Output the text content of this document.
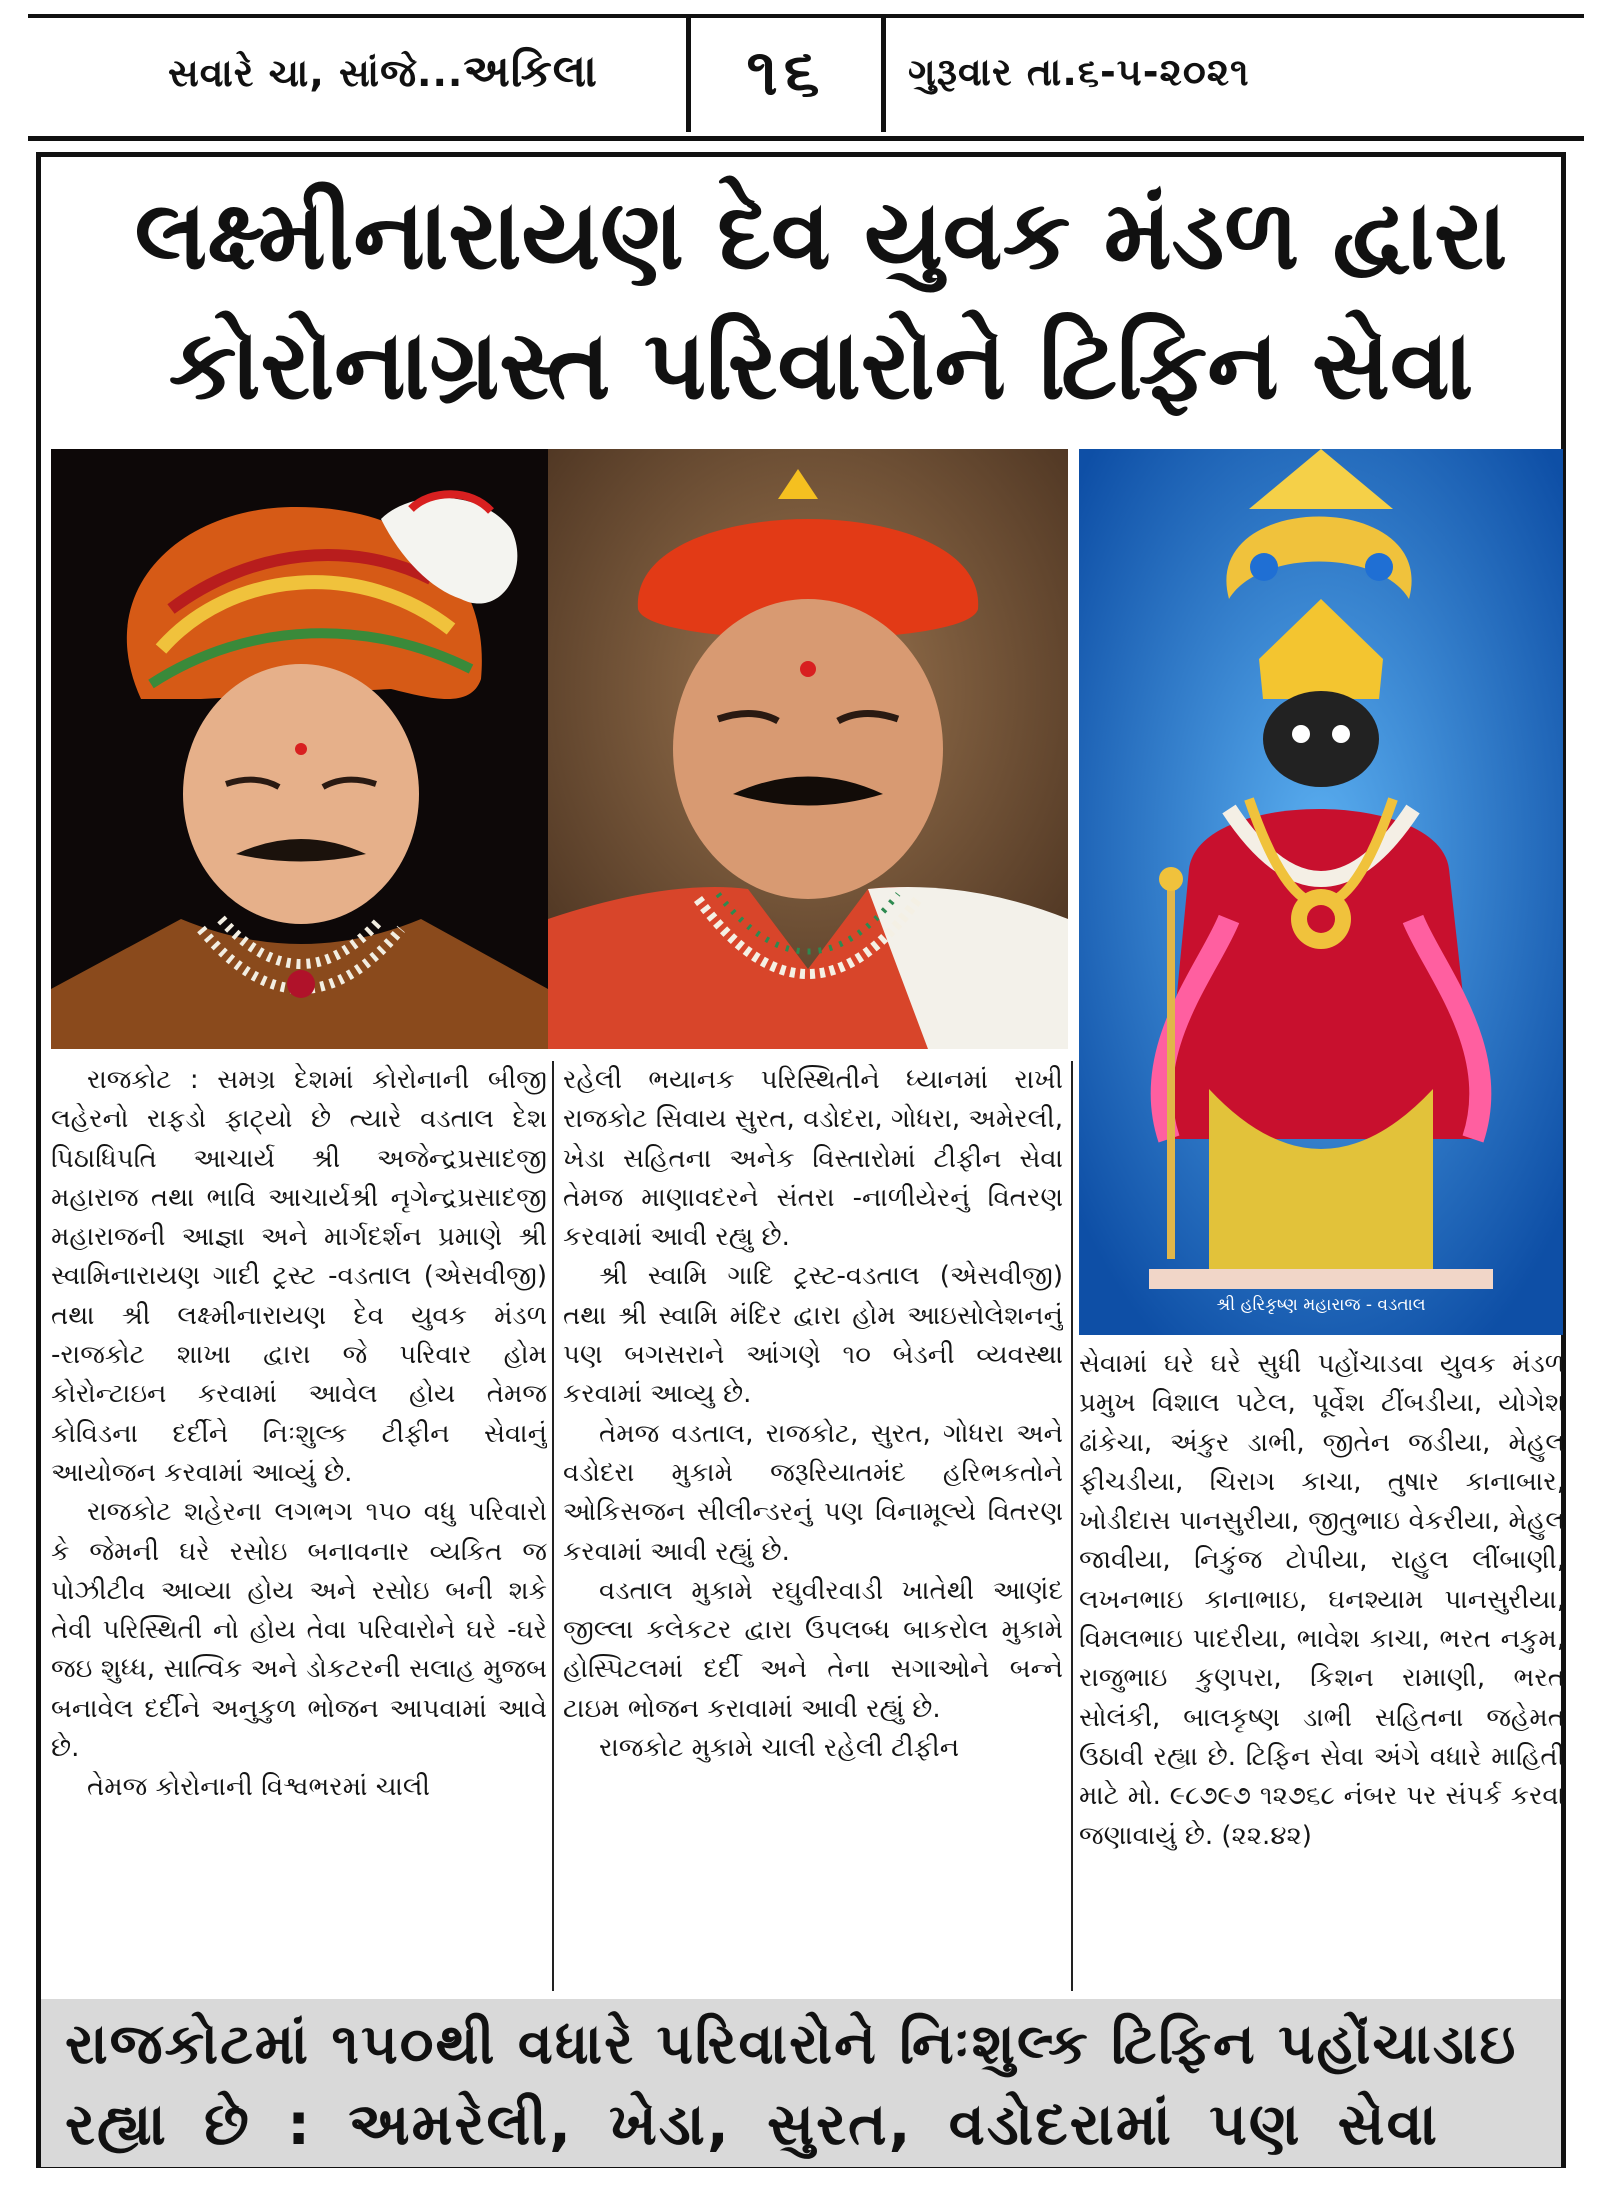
સવારે ચા, સાંજે...અકિલા	૧૬	ગુરૂવાર તા.૬-૫-૨૦૨૧
લક્ષ્મીનારાયણ દેવ યુવક મંડળ દ્વારા
કોરોનાગ્રસ્ત પરિવારોને ટિફિન સેવા
શ્રી હરિકૃષ્ણ મહારાજ - વડતાલ

રાજકોટ : સમગ્ર દેશમાં કોરોનાની બીજી લહેરનો રાફડો ફાટ્યો છે ત્યારે વડતાલ દેશ પિઠાધિપતિ આચાર્ય શ્રી અજેન્દ્રપ્રસાદજી મહારાજ તથા ભાવિ આચાર્યશ્રી નૃગેન્દ્રપ્રસાદજી મહારાજની આજ્ઞા અને માર્ગદર્શન પ્રમાણે શ્રી સ્વામિનારાયણ ગાદી ટ્રસ્ટ -વડતાલ (એસવીજી) તથા શ્રી લક્ષ્મીનારાયણ દેવ યુવક મંડળ -રાજકોટ શાખા દ્વારા જે પરિવાર હોમ કોરોન્ટાઇન કરવામાં આવેલ હોય તેમજ કોવિડના દર્દીને નિઃશુલ્ક ટીફીન સેવાનું આયોજન કરવામાં આવ્યું છે.

રાજકોટ શહેરના લગભગ ૧૫૦ વધુ પરિવારો કે જેમની ઘરે રસોઇ બનાવનાર વ્યકિત જ પોઝીટીવ આવ્યા હોય અને રસોઇ બની શકે તેવી પરિસ્થિતી નો હોય તેવા પરિવારોને ઘરે -ઘરે જઇ શુધ્ધ, સાત્વિક અને ડોકટરની સલાહ મુજબ બનાવેલ દર્દીને અનુકુળ ભોજન આપવામાં આવે છે.

તેમજ કોરોનાની વિશ્વભરમાં ચાલી

રહેલી ભયાનક પરિસ્થિતીને ધ્યાનમાં રાખી રાજકોટ સિવાય સુરત, વડોદરા, ગોધરા, અમેરલી, ખેડા સહિતના અનેક વિસ્તારોમાં ટીફીન સેવા તેમજ માણાવદરને સંતરા -નાળીયેરનું વિતરણ કરવામાં આવી રહ્યુ છે.

શ્રી સ્વામિ ગાદિ ટ્રસ્ટ-વડતાલ (એસવીજી) તથા શ્રી સ્વામિ મંદિર દ્વારા હોમ આઇસોલેશનનું પણ બગસરાને આંગણે ૧૦ બેડની વ્યવસ્થા કરવામાં આવ્યુ છે.

તેમજ વડતાલ, રાજકોટ, સુરત, ગોધરા અને વડોદરા મુકામે જરૂરિયાતમંદ હરિભકતોને ઓકિસજન સીલીન્ડરનું પણ વિનામૂલ્યે વિતરણ કરવામાં આવી રહ્યું છે.

વડતાલ મુકામે રઘુવીરવાડી ખાતેથી આણંદ જીલ્લા કલેકટર દ્વારા ઉપલબ્ધ બાકરોલ મુકામે હોસ્પિટલમાં દર્દી અને તેના સગાઓને બન્ને ટાઇમ ભોજન કરાવામાં આવી રહ્યું છે.

રાજકોટ મુકામે ચાલી રહેલી ટીફીન

સેવામાં ઘરે ઘરે સુધી પહોંચાડવા યુવક મંડળ પ્રમુખ વિશાલ પટેલ, પૂર્વેશ ટીંબડીયા, યોગેશ ઢાંકેચા, અંકુર ડાભી, જીતેન જડીયા, મેહુલ ફીચડીયા, ચિરાગ કાચા, તુષાર કાનાબાર, ખોડીદાસ પાનસુરીયા, જીતુભાઇ વેકરીયા, મેહુલ જાવીયા, નિકુંજ ટોપીયા, રાહુલ લીંબાણી, લખનભાઇ કાનાભાઇ, ઘનશ્યામ પાનસુરીયા, વિમલભાઇ પાદરીયા, ભાવેશ કાચા, ભરત નકુમ, રાજુભાઇ કુણપરા, કિશન રામાણી, ભરત સોલંકી, બાલકૃષ્ણ ડાભી સહિતના જહેમત ઉઠાવી રહ્યા છે. ટિફિન સેવા અંગે વધારે માહિતી માટે મો. ૯૮૭૯૭ ૧૨૭૬૮ નંબર પર સંપર્ક કરવા જણાવાયું છે. (૨૨.૪૨)

રાજકોટમાં ૧૫૦થી વધારે પરિવારોને નિઃશુલ્ક ટિફિન પહોંચાડાઇ
રહ્યા છે : અમરેલી, ખેડા, સુરત, વડોદરામાં પણ સેવા
